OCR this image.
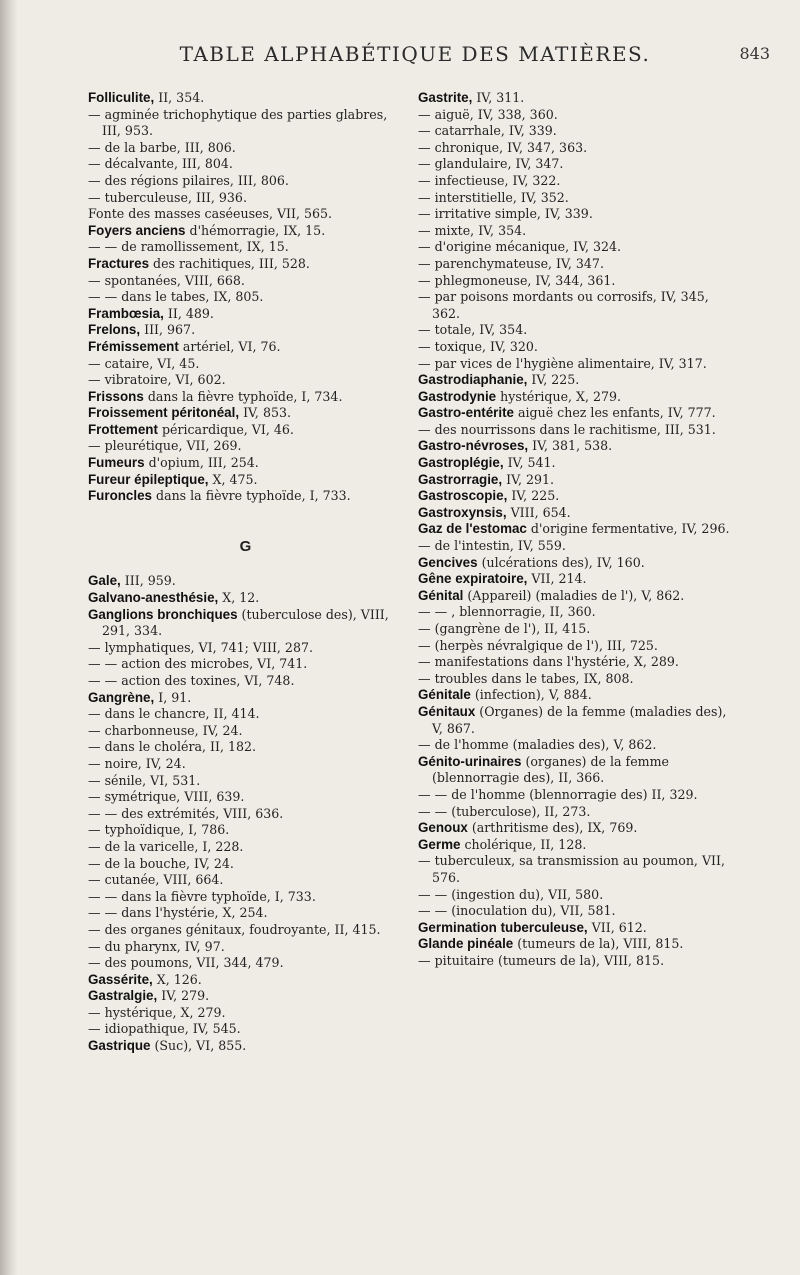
TABLE ALPHABÉTIQUE DES MATIÈRES.	843

Folliculite, II, 354.

— agminée trichophytique des parties glabres, III, 953.

— de la barbe, III, 806.

— décalvante, III, 804.

— des régions pilaires, III, 806.

— tuberculeuse, III, 936.

Fonte des masses caséeuses, VII, 565.

Foyers anciens d'hémorragie, IX, 15.

— — de ramollissement, IX, 15.

Fractures des rachitiques, III, 528.

— spontanées, VIII, 668.

— — dans le tabes, IX, 805.

Frambœsia, II, 489.

Frelons, III, 967.

Frémissement artériel, VI, 76.

— cataire, VI, 45.

— vibratoire, VI, 602.

Frissons dans la fièvre typhoïde, I, 734.

Froissement péritonéal, IV, 853.

Frottement péricardique, VI, 46.

— pleurétique, VII, 269.

Fumeurs d'opium, III, 254.

Fureur épileptique, X, 475.

Furoncles dans la fièvre typhoïde, I, 733.

G

Gale, III, 959.

Galvano-anesthésie, X, 12.

Ganglions bronchiques (tuberculose des), VIII, 291, 334.

— lymphatiques, VI, 741; VIII, 287.

— — action des microbes, VI, 741.

— — action des toxines, VI, 748.

Gangrène, I, 91.

— dans le chancre, II, 414.

— charbonneuse, IV, 24.

— dans le choléra, II, 182.

— noire, IV, 24.

— sénile, VI, 531.

— symétrique, VIII, 639.

— — des extrémités, VIII, 636.

— typhoïdique, I, 786.

— de la varicelle, I, 228.

— de la bouche, IV, 24.

— cutanée, VIII, 664.

— — dans la fièvre typhoïde, I, 733.

— — dans l'hystérie, X, 254.

— des organes génitaux, foudroyante, II, 415.

— du pharynx, IV, 97.

— des poumons, VII, 344, 479.

Gassérite, X, 126.

Gastralgie, IV, 279.

— hystérique, X, 279.

— idiopathique, IV, 545.

Gastrique (Suc), VI, 855.

Gastrite, IV, 311.

— aiguë, IV, 338, 360.

— catarrhale, IV, 339.

— chronique, IV, 347, 363.

— glandulaire, IV, 347.

— infectieuse, IV, 322.

— interstitielle, IV, 352.

— irritative simple, IV, 339.

— mixte, IV, 354.

— d'origine mécanique, IV, 324.

— parenchymateuse, IV, 347.

— phlegmoneuse, IV, 344, 361.

— par poisons mordants ou corrosifs, IV, 345, 362.

— totale, IV, 354.

— toxique, IV, 320.

— par vices de l'hygiène alimentaire, IV, 317.

Gastrodiaphanie, IV, 225.

Gastrodynie hystérique, X, 279.

Gastro-entérite aiguë chez les enfants, IV, 777.

— des nourrissons dans le rachitisme, III, 531.

Gastro-névroses, IV, 381, 538.

Gastroplégie, IV, 541.

Gastrorragie, IV, 291.

Gastroscopie, IV, 225.

Gastroxynsis, VIII, 654.

Gaz de l'estomac d'origine fermentative, IV, 296.

— de l'intestin, IV, 559.

Gencives (ulcérations des), IV, 160.

Gêne expiratoire, VII, 214.

Génital (Appareil) (maladies de l'), V, 862.

— — , blennorragie, II, 360.

— (gangrène de l'), II, 415.

— (herpès névralgique de l'), III, 725.

— manifestations dans l'hystérie, X, 289.

— troubles dans le tabes, IX, 808.

Génitale (infection), V, 884.

Génitaux (Organes) de la femme (maladies des), V, 867.

— de l'homme (maladies des), V, 862.

Génito-urinaires (organes) de la femme (blennorragie des), II, 366.

— — de l'homme (blennorragie des) II, 329.

— — (tuberculose), II, 273.

Genoux (arthritisme des), IX, 769.

Germe cholérique, II, 128.

— tuberculeux, sa transmission au poumon, VII, 576.

— — (ingestion du), VII, 580.

— — (inoculation du), VII, 581.

Germination tuberculeuse, VII, 612.

Glande pinéale (tumeurs de la), VIII, 815.

— pituitaire (tumeurs de la), VIII, 815.
